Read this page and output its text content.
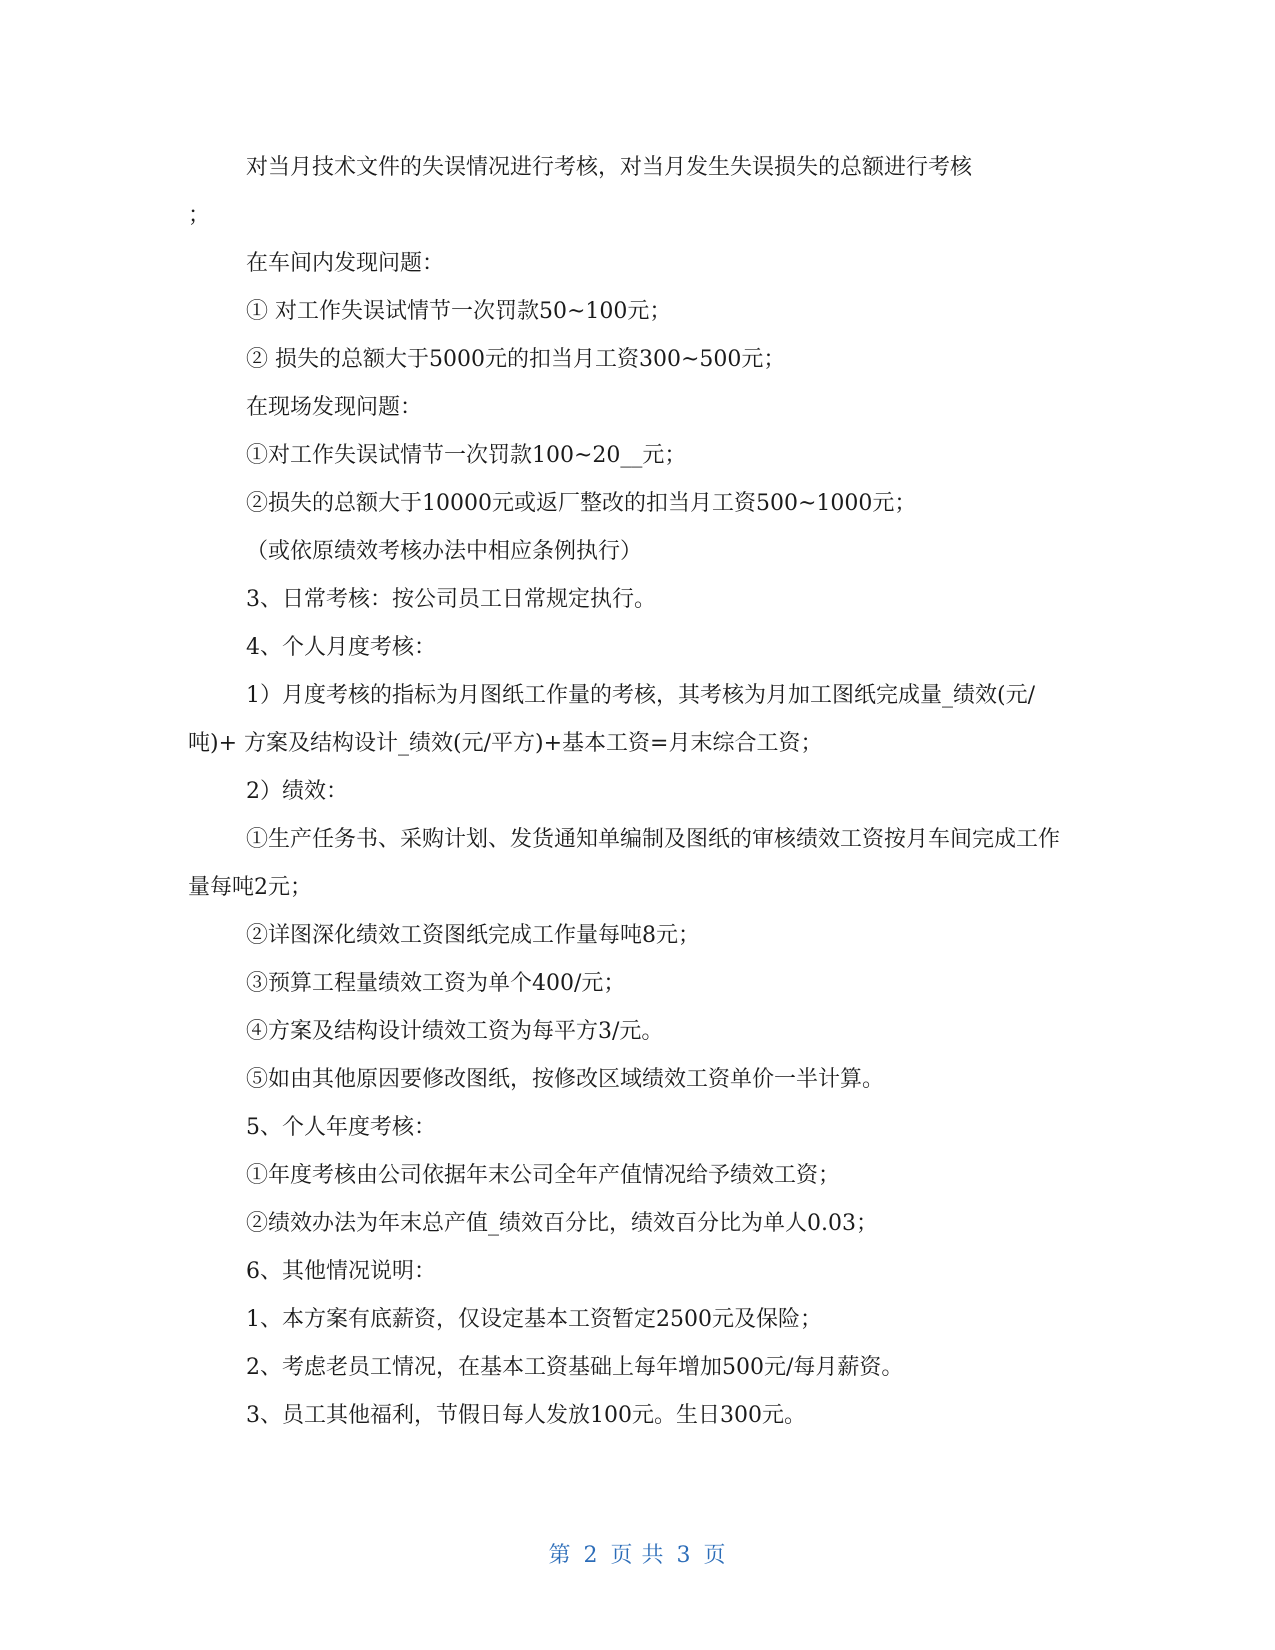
对当月技术文件的失误情况进行考核，对当月发生失误损失的总额进行考核

；

在车间内发现问题：

① 对工作失误试情节一次罚款50~100元；

② 损失的总额大于5000元的扣当月工资300~500元；

在现场发现问题：

①对工作失误试情节一次罚款100~20__元；

②损失的总额大于10000元或返厂整改的扣当月工资500~1000元；

（或依原绩效考核办法中相应条例执行）

3、日常考核：按公司员工日常规定执行。

4、个人月度考核：

1）月度考核的指标为月图纸工作量的考核，其考核为月加工图纸完成量_绩效(元/吨)+ 方案及结构设计_绩效(元/平方)+基本工资=月末综合工资；

2）绩效：

①生产任务书、采购计划、发货通知单编制及图纸的审核绩效工资按月车间完成工作量每吨2元；

②详图深化绩效工资图纸完成工作量每吨8元；

③预算工程量绩效工资为单个400/元；

④方案及结构设计绩效工资为每平方3/元。

⑤如由其他原因要修改图纸，按修改区域绩效工资单价一半计算。

5、个人年度考核：

①年度考核由公司依据年末公司全年产值情况给予绩效工资；

②绩效办法为年末总产值_绩效百分比，绩效百分比为单人0.03；

6、其他情况说明：

1、本方案有底薪资，仅设定基本工资暂定2500元及保险；

2、考虑老员工情况，在基本工资基础上每年增加500元/每月薪资。

3、员工其他福利，节假日每人发放100元。生日300元。

第 2 页 共 3 页
